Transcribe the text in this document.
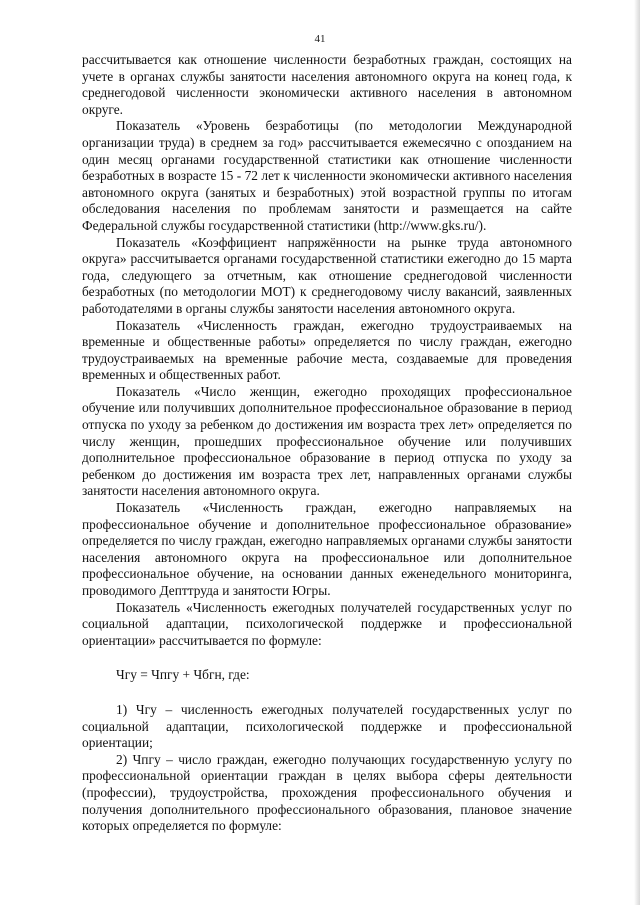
41

рассчитывается как отношение численности безработных граждан, состоящих на учете в органах службы занятости населения автономного округа на конец года, к среднегодовой численности экономически активного населения в автономном округе.

Показатель «Уровень безработицы (по методологии Международной организации труда) в среднем за год» рассчитывается ежемесячно с опозданием на один месяц органами государственной статистики как отношение численности безработных в возрасте 15 - 72 лет к численности экономически активного населения автономного округа (занятых и безработных) этой возрастной группы по итогам обследования населения по проблемам занятости и размещается на сайте Федеральной службы государственной статистики (http://www.gks.ru/).

Показатель «Коэффициент напряжённости на рынке труда автономного округа» рассчитывается органами государственной статистики ежегодно до 15 марта года, следующего за отчетным, как отношение среднегодовой численности безработных (по методологии МОТ) к среднегодовому числу вакансий, заявленных работодателями в органы службы занятости населения автономного округа.

Показатель «Численность граждан, ежегодно трудоустраиваемых на временные и общественные работы» определяется по числу граждан, ежегодно трудоустраиваемых на временные рабочие места, создаваемые для проведения временных и общественных работ.

Показатель «Число женщин, ежегодно проходящих профессиональное обучение или получивших дополнительное профессиональное образование в период отпуска по уходу за ребенком до достижения им возраста трех лет» определяется по числу женщин, прошедших профессиональное обучение или получивших дополнительное профессиональное образование в период отпуска по уходу за ребенком до достижения им возраста трех лет, направленных органами службы занятости населения автономного округа.

Показатель «Численность граждан, ежегодно направляемых на профессиональное обучение и дополнительное профессиональное образование» определяется по числу граждан, ежегодно направляемых органами службы занятости населения автономного округа на профессиональное или дополнительное профессиональное обучение, на основании данных еженедельного мониторинга, проводимого Депттруда и занятости Югры.

Показатель «Численность ежегодных получателей государственных услуг по социальной адаптации, психологической поддержке и профессиональной ориентации» рассчитывается по формуле:

Чгу = Чпгу + Чбгн, где:

1) Чгу – численность ежегодных получателей государственных услуг по социальной адаптации, психологической поддержке и профессиональной ориентации;

2) Чпгу – число граждан, ежегодно получающих государственную услугу по профессиональной ориентации граждан в целях выбора сферы деятельности (профессии), трудоустройства, прохождения профессионального обучения и получения дополнительного профессионального образования, плановое значение которых определяется по формуле:
